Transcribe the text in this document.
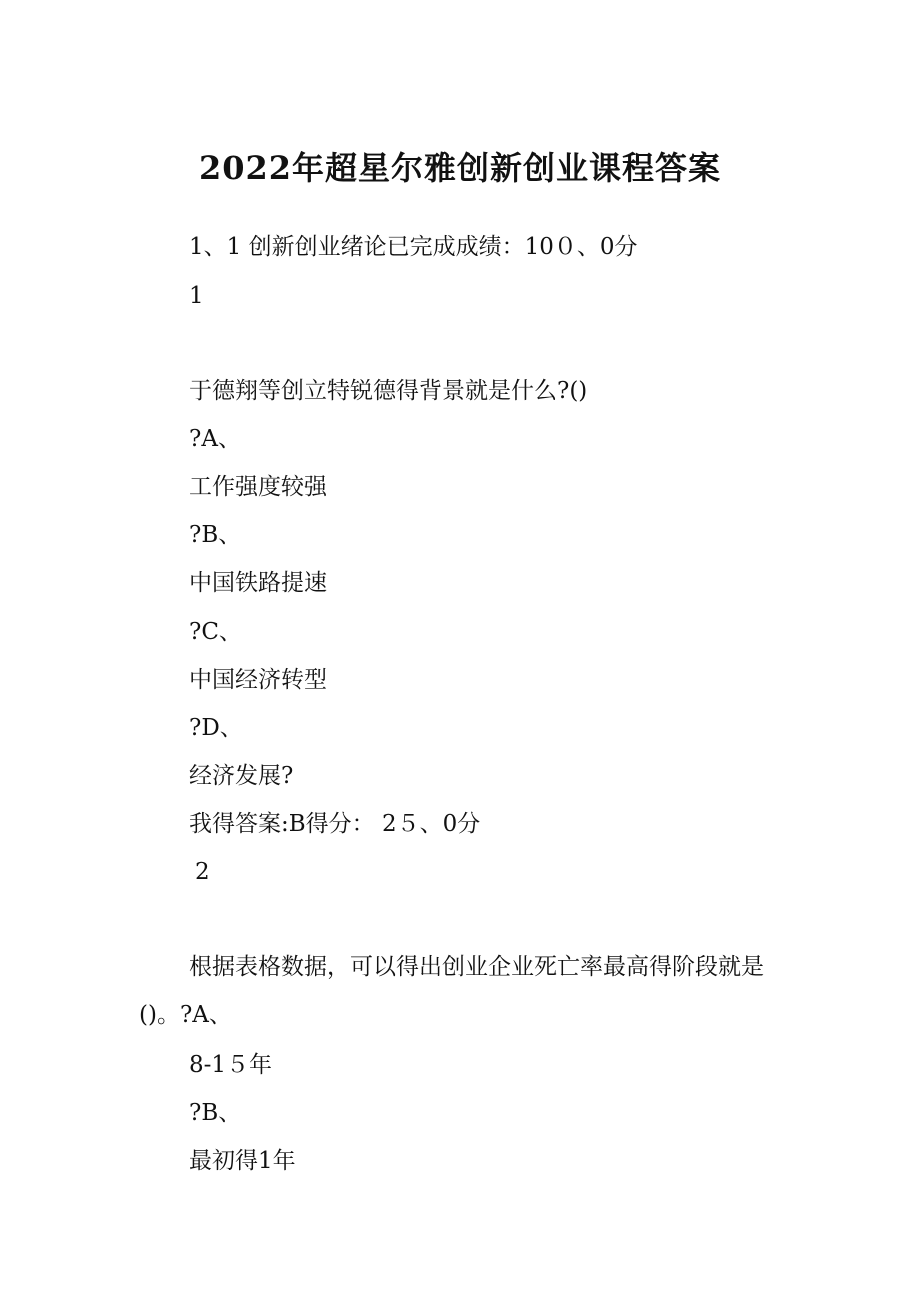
2022年超星尔雅创新创业课程答案
1、1 创新创业绪论已完成成绩：10０、0分
1
于德翔等创立特锐德得背景就是什么?()
?A、
工作强度较强
?B、
中国铁路提速
?C、
中国经济转型
?D、
经济发展?
我得答案:B得分： 2５、0分
2
根据表格数据，可以得出创业企业死亡率最高得阶段就是()。?A、
8-1５年
?B、
最初得1年
